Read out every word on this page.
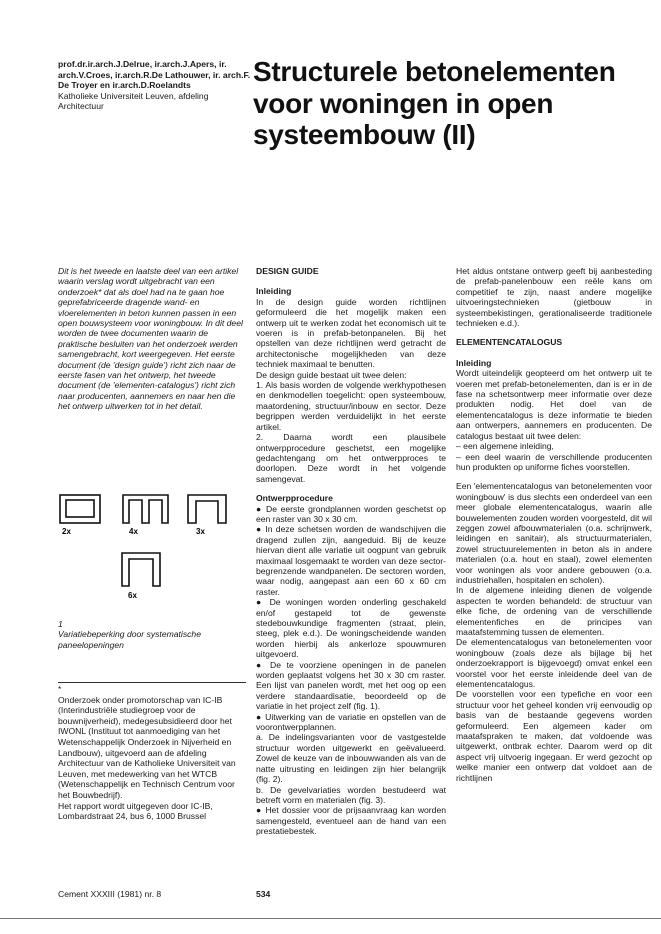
prof.dr.ir.arch.J.Delrue, ir.arch.J.Apers, ir. arch.V.Croes, ir.arch.R.De Lathouwer, ir. arch.F. De Troyer en ir.arch.D.Roelandts
Katholieke Universiteit Leuven, afdeling Architectuur
Structurele betonelementen voor woningen in open systeembouw (II)
Dit is het tweede en laatste deel van een artikel waarin verslag wordt uitgebracht van een onderzoek* dat als doel had na te gaan hoe geprefabriceerde dragende wand- en vloerelementen in beton kunnen passen in een open bouwsysteem voor woningbouw. In dit deel worden de twee documenten waarin de praktische besluiten van het onderzoek werden samengebracht, kort weergegeven. Het eerste document (de 'design guide') richt zich naar de eerste fasen van het ontwerp, het tweede document (de 'elementen-catalogus') richt zich naar producenten, aannemers en naar hen die het ontwerp uitwerken tot in het detail.
2x	4x	3x
6x
1
Variatiebeperking door systematische paneelopeningen
*
Onderzoek onder promotorschap van IC-IB (Interindustriële studiegroep voor de bouwnijverheid), medegesubsidieerd door het IWONL (Instituut tot aanmoediging van het Wetenschappelijk Onderzoek in Nijverheid en Landbouw), uitgevoerd aan de afdeling Architectuur van de Katholieke Universiteit van Leuven, met medewerking van het WTCB (Wetenschappelijk en Technisch Centrum voor het Bouwbedrijf).
Het rapport wordt uitgegeven door IC-IB, Lombardstraat 24, bus 6, 1000 Brussel
DESIGN GUIDE
Inleiding
In de design guide worden richtlijnen geformuleerd die het mogelijk maken een ontwerp uit te werken zodat het economisch uit te voeren is in prefab-betonpanelen. Bij het opstellen van deze richtlijnen werd getracht de architectonische mogelijkheden van deze techniek maximaal te benutten.
De design guide bestaat uit twee delen:
1. Als basis worden de volgende werkhypothesen en denkmodellen toegelicht: open systeembouw, maatordening, structuur/inbouw en sector. Deze begrippen werden verduidelijkt in het eerste artikel.

2. Daarna wordt een plausibele ontwerpprocedure geschetst, een mogelijke gedachtengang om het ontwerpproces te doorlopen. Deze wordt in het volgende samengevat.

Ontwerpprocedure
● De eerste grondplannen worden geschetst op een raster van 30 x 30 cm.
● In deze schetsen worden de wandschijven die dragend zullen zijn, aangeduid. Bij de keuze hiervan dient alle variatie uit oogpunt van gebruik maximaal losgemaakt te worden van deze sector-begrenzende wandpanelen. De sectoren worden, waar nodig, aangepast aan een 60 x 60 cm raster.
● De woningen worden onderling geschakeld en/of gestapeld tot de gewenste stedebouwkundige fragmenten (straat, plein, steeg, plek e.d.). De woningscheidende wanden worden hierbij als ankerloze spouwmuren uitgevoerd.
● De te voorziene openingen in de panelen worden geplaatst volgens het 30 x 30 cm raster. Een lijst van panelen wordt, met het oog op een verdere standaardisatie, beoordeeld op de variatie in het project zelf (fig. 1).
● Uitwerking van de variatie en opstellen van de voorontwerpplannen.
a. De indelingsvarianten voor de vastgestelde structuur worden uitgewerkt en geëvalueerd. Zowel de keuze van de inbouwwanden als van de natte uitrusting en leidingen zijn hier belangrijk (fig. 2).
b. De gevelvariaties worden bestudeerd wat betreft vorm en materialen (fig. 3).
● Het dossier voor de prijsaanvraag kan worden samengesteld, eventueel aan de hand van een prestatiebestek.

Het aldus ontstane ontwerp geeft bij aanbesteding de prefab-panelenbouw een reële kans om competitief te zijn, naast andere mogelijke uitvoeringstechnieken (gietbouw in systeembekistingen, gerationaliseerde traditionele technieken e.d.).

ELEMENTENCATALOGUS
Inleiding
Wordt uiteindelijk geopteerd om het ontwerp uit te voeren met prefab-betonelementen, dan is er in de fase na schetsontwerp meer informatie over deze produkten nodig. Het doel van de elementencatalogus is deze informatie te bieden aan ontwerpers, aannemers en producenten. De catalogus bestaat uit twee delen:
– een algemene inleiding,

– een deel waarin de verschillende producenten hun produkten op uniforme fiches voorstellen.

Een 'elementencatalogus van betonelementen voor woningbouw' is dus slechts een onderdeel van een meer globale elementencatalogus, waarin alle bouwelementen zouden worden voorgesteld, dit wil zeggen zowel afbouwmaterialen (o.a. schrijnwerk, leidingen en sanitair), als structuurmaterialen, zowel structuurelementen in beton als in andere materialen (o.a. hout en staal), zowel elementen voor woningen als voor andere gebouwen (o.a. industriehallen, hospitalen en scholen).
In de algemene inleiding dienen de volgende aspecten te worden behandeld: de structuur van elke fiche, de ordening van de verschillende elementenfiches en de principes van maatafstemming tussen de elementen.
De elementencatalogus van betonelementen voor woningbouw (zoals deze als bijlage bij het onderzoekrapport is bijgevoegd) omvat enkel een voorstel voor het eerste inleidende deel van de elementencatalogus.
De voorstellen voor een typefiche en voor een structuur voor het geheel konden vrij eenvoudig op basis van de bestaande gegevens worden geformuleerd. Een algemeen kader om maatafspraken te maken, dat voldoende was uitgewerkt, ontbrak echter. Daarom werd op dit aspect vrij uitvoerig ingegaan. Er werd gezocht op welke manier een ontwerp dat voldoet aan de richtlijnen
Cement XXXIII (1981) nr. 8	534
